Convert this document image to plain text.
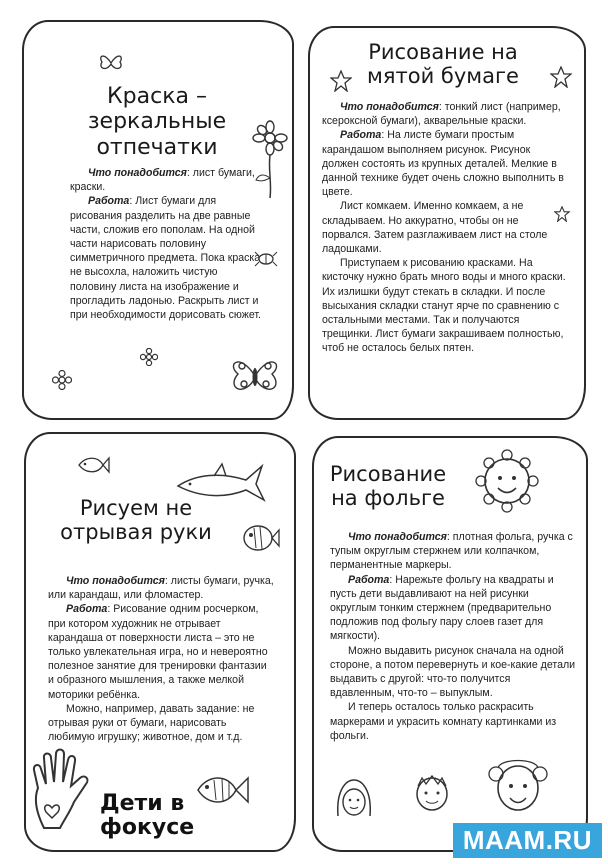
Краска – зеркальные отпечатки

Что понадобится: лист бумаги, краски.

Работа: Лист бумаги для рисования разделить на две равные части, сложив его пополам. На одной части нарисовать половину симметричного предмета. Пока краска не высохла, наложить чистую половину листа на изображение и прогладить ладонью. Раскрыть лист и при необходимости дорисовать сюжет.

Рисование на мятой бумаге

Что понадобится: тонкий лист (например, ксероксной бумаги), акварельные краски.

Работа: На листе бумаги простым карандашом выполняем рисунок. Рисунок должен состоять из крупных деталей. Мелкие в данной технике будет очень сложно выполнить в цвете.

Лист комкаем. Именно комкаем, а не складываем. Но аккуратно, чтобы он не порвался. Затем разглаживаем лист на столе ладошками.

Приступаем к рисованию красками. На кисточку нужно брать много воды и много краски. Их излишки будут стекать в складки. И после высыхания складки станут ярче по сравнению с остальными местами. Так и получаются трещинки. Лист бумаги закрашиваем полностью, чтоб не осталось белых пятен.

Рисуем не отрывая руки

Что понадобится: листы бумаги, ручка, или карандаш, или фломастер.

Работа: Рисование одним росчерком, при котором художник не отрывает карандаша от поверхности листа – это не только увлекательная игра, но и невероятно полезное занятие для тренировки фантазии и образного мышления, а также мелкой моторики ребёнка.

Можно, например, давать задание: не отрывая руки от бумаги, нарисовать любимую игрушку; животное, дом и т.д.

Дети в
фокусе
Рисование на фольге

Что понадобится: плотная фольга, ручка с тупым округлым стержнем или колпачком, перманентные маркеры.

Работа: Нарежьте фольгу на квадраты и пусть дети выдавливают на ней рисунки округлым тонким стержнем (предварительно подложив под фольгу пару слоев газет для мягкости).

Можно выдавить рисунок сначала на одной стороне, а потом перевернуть и кое-какие детали выдавить с другой: что-то получится вдавленным, что-то – выпуклым.

И теперь осталось только раскрасить маркерами и украсить комнату картинками из фольги.

MAAM.RU
